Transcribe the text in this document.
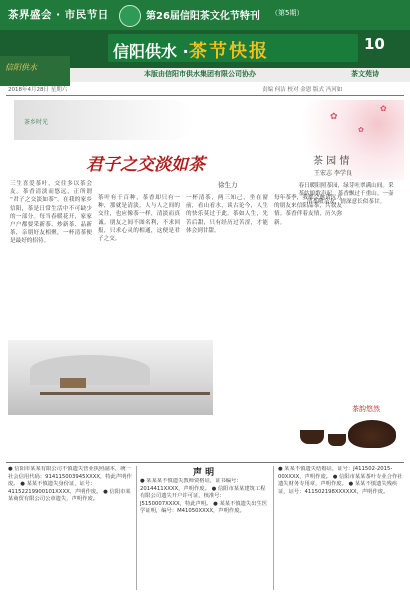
茶界盛会 · 市民节日	第26届信阳茶文化节特刊 （第5期）
信阳供水
信阳供水 · 茶节快报	10
本版由信阳市供水集团有限公司协办	茶文苑诗
2018年4月28日 星期六	责编 何洁 校对 金恩 版式 冯河如
茶乡时光
君子之交淡如茶
徐生力
三生喜爱茶叶，交往多以茶会友。茶香清淡而悠远，正所谓 “君子之交淡如茶”。在我的家乡信阳，茶是日常生活中不可缺少的一部分。每当春暖花开，家家户户都要采新茶、炒新茶、品新茶，亲朋好友相聚，一杯清茶便是最好的招待。
茶叶有千百种，茶香却只有一种，那就是清淡。人与人之间的交往，也应像茶一样，清淡而真诚。朋友之间不图名利，不求回报，只求心灵的相通，这便是君子之交。
一杯清茶，两三知己，坐在窗前，看山看水，谈古论今，人生的快乐莫过于此。茶如人生，先苦后甜，只有经历过苦涩，才能体会到甘甜。
每年茶季，我都会邀请远方的朋友来信阳品茶，共叙友情。茶香伴着友情，历久弥新。
✿
✿
✿
茶 园 情
王宏志 李学良
春日暖阳照茶园，绿芽吐翠满山间。采茶姑娘歌声起，茶香飘过千重山。一壶清茶敬亲友，情深意长似茶甘。
茶韵悠然
声 明
● 信阳市某某有限公司不慎遗失营业执照副本，统一社会信用代码：914115003945XXXX，特此声明作废。 ● 某某不慎遗失身份证，证号：41152219900101XXXX，声明作废。 ● 信阳市某某商贸有限公司公章遗失，声明作废。
● 某某某不慎遗失教师资格证，证书编号：2014411XXXX，声明作废。 ● 信阳市某某建筑工程有限公司遗失开户许可证，核准号：J5150007XXXX，特此声明。 ● 某某不慎遗失出生医学证明，编号：M41050XXXX，声明作废。
● 某某不慎遗失结婚证，证号：J411502-2015-00XXXX，声明作废。 ● 信阳市某某茶叶专业合作社遗失财务专用章，声明作废。 ● 某某不慎遗失残疾证，证号：411502198XXXXXX，声明作废。
